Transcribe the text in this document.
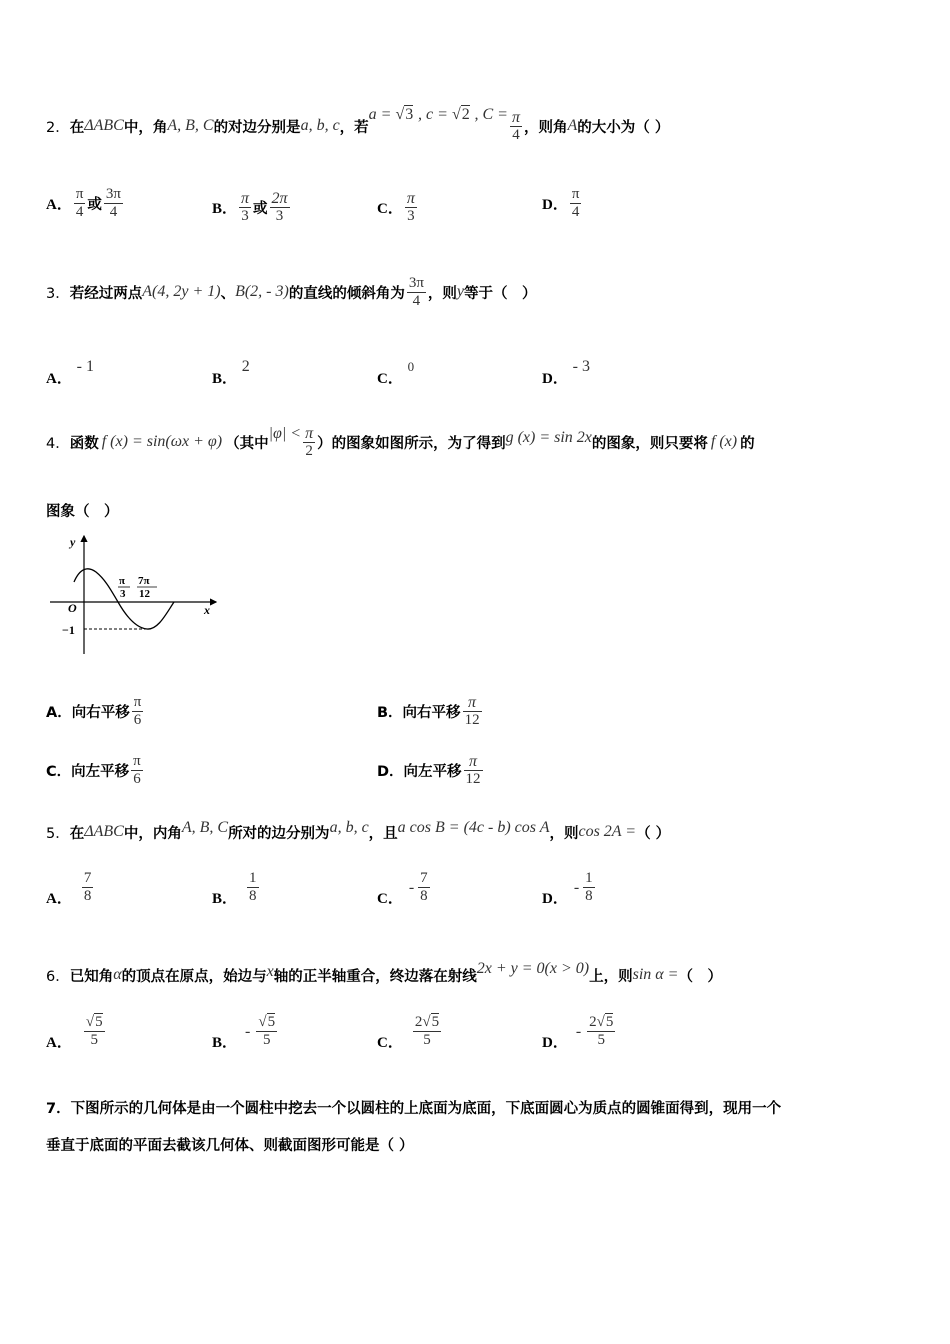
2． 在 ΔABC 中，角 A, B, C 的对边分别是 a, b, c ，若
a = √3 , c = √2 , $C = \frac{\pi}{4}$ ，则角 A 的大小为（ ）
A． $\frac{\pi}{4}$ 或 $\frac{3\pi}{4}$	B． $\frac{\pi}{3}$ 或 $\frac{2\pi}{3}$	C． $\frac{\pi}{3}$	D． $\frac{\pi}{4}$
3． 若经过两点 A(4, 2y + 1) 、 B(2, - 3) 的直线的倾斜角为 $\frac{3\pi}{4}$ ，则 y 等于（　）
A． - 1
B． 2
C． 0
D． - 3
4． 函数 f (x) = sin(ωx + φ) （其中
$|\varphi| < \frac{\pi}{2}$ ）的图象如图所示，为了得到 g (x) = sin 2x 的图象，则只要将 f (x) 的
图象（　）
y
x
O
−1
π
3
7π
12
A．向右平移 $\frac{\pi}{6}$	B．向右平移 $\frac{\pi}{12}$
C．向左平移 $\frac{\pi}{6}$	D．向左平移 $\frac{\pi}{12}$
5． 在 ΔABC 中，内角 A, B, C 所对的边分别为 a, b, c ，且 a cos B = (4c - b) cos A ，则 cos 2A = （ ）
A． $\frac{7}{8}$	B． $\frac{1}{8}$	C．
- $\frac{7}{8}$	D．
- $\frac{1}{8}$
6． 已知角 α 的顶点在原点，始边与 x 轴的正半轴重合，终边落在射线 2x + y = 0(x > 0) 上，则 sin α = （　）
A． $\frac{√5}{5}$	B．
- $\frac{√5}{5}$	C． $\frac{2√5}{5}$	D．
- $\frac{2√5}{5}$
7．下图所示的几何体是由一个圆柱中挖去一个以圆柱的上底面为底面，下底面圆心为质点的圆锥面得到，现用一个
垂直于底面的平面去截该几何体、则截面图形可能是（ ）
